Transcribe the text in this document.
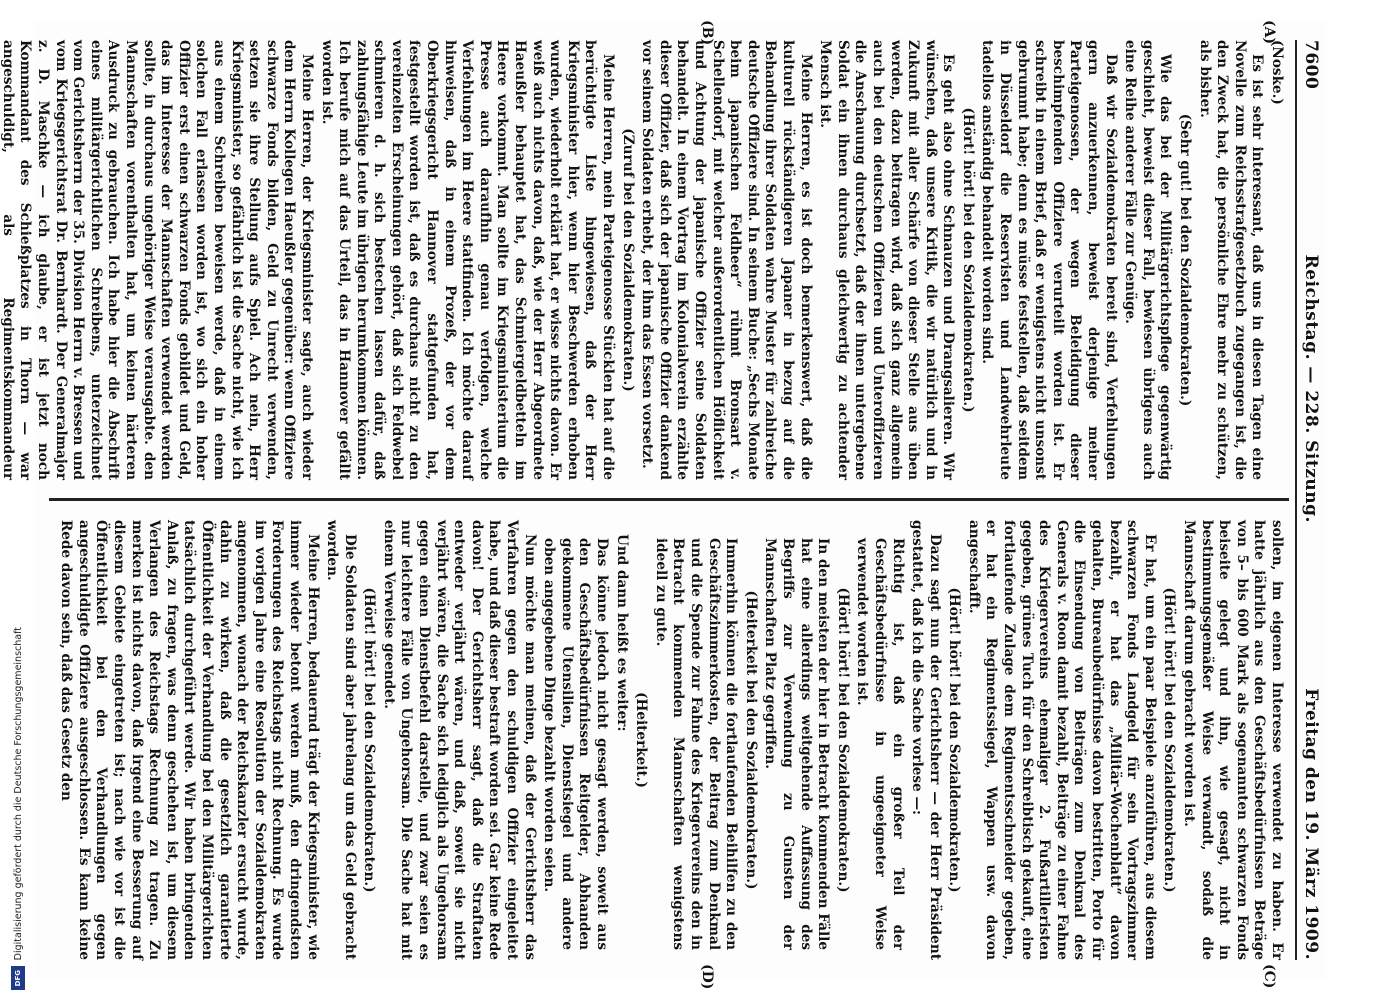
7600
Reichstag. — 228. Sitzung.
Freitag den 19. März 1909.
(A)
(B)
(C)
(D)

(Noske.)

Es ist sehr interessant, daß uns in diesen Tagen eine Novelle zum Reichsstrafgesetzbuch zugegangen ist, die den Zweck hat, die persönliche Ehre mehr zu schützen, als bisher.

(Sehr gut! bei den Sozialdemokraten.)

Wie das bei der Militärgerichtspflege gegenwärtig geschieht, beweist dieser Fall, bewiesen übrigens auch eine Reihe anderer Fälle zur Genüge.

Daß wir Sozialdemokraten bereit sind, Verfehlungen gern anzuerkennen, beweist derjenige meiner Parteigenossen, der wegen Beleidigung dieser beschimpfenden Offiziere verurteilt worden ist. Er schreibt in einem Brief, daß er wenigstens nicht unsonst gebrummt habe; denn es müsse feststellen, daß seitdem in Düsseldorf die Reservisten und Landwehrleute tadellos anständig behandelt worden sind.

(Hört! hört! bei den Sozialdemokraten.)

Es geht also ohne Schnauzen und Drangsalieren. Wir wünschen, daß unsere Kritik, die wir natürlich und in Zukunft mit aller Schärfe von dieser Stelle aus üben werden, dazu beitragen wird, daß sich ganz allgemein auch bei den deutschen Offizieren und Unteroffizieren die Anschauung durchsetzt, daß der ihnen untergebene Soldat ein ihnen durchaus gleichwertig zu achtender Mensch ist.

Meine Herren, es ist doch bemerkenswert, daß die kulturell rückständigeren Japaner in bezug auf die Behandlung ihrer Soldaten wahre Muster für zahlreiche deutsche Offiziere sind. In seinem Buche: „Sechs Monate beim japanischen Feldheer“ rühmt Bronsart v. Schellendorf, mit welcher außerordentlichen Höflichkeit und Achtung der japanische Offizier seine Soldaten behandelt. In einem Vortrag im Kolonialverein erzählte dieser Offizier, daß sich der japanische Offizier dankend vor seinem Soldaten erhebt, der ihm das Essen vorsetzt.

(Zuruf bei den Sozialdemokraten.)

Meine Herren, mein Parteigenosse Stücklen hat auf die berüchtigte Liste hingewiesen, daß der Herr Kriegsminister hier, wenn hier Beschwerden erhoben wurden, wiederholt erklärt hat, er wisse nichts davon. Er weiß auch nichts davon, daß, wie der Herr Abgeordnete Haeußler behauptet hat, das Schmiergeldbetteln im Heere vorkommt. Man sollte im Kriegsministerium die Presse auch daraufhin genau verfolgen, welche Verfehlungen im Heere stattfinden. Ich möchte darauf hinweisen, daß in einem Prozeß, der vor dem Oberkriegsgericht Hannover stattgefunden hat, festgestellt worden ist, daß es durchaus nicht zu den vereinzelten Erscheinungen gehört, daß sich Feldwebel schmieren d. h. sich bestechen lassen dafür, daß zahlungsfähige Leute im übrigen herumkommen können. Ich berufe mich auf das Urteil, das in Hannover gefällt worden ist.

Meine Herren, der Kriegsminister sagte, auch wieder dem Herrn Kollegen Haeußler gegenüber: wenn Offiziere schwarze Fonds bilden, Geld zu Unrecht verwenden, setzen sie ihre Stellung aufs Spiel. Ach nein, Herr Kriegsminister, so gefährlich ist die Sache nicht, wie ich aus einem Schreiben beweisen werde, daß in einem solchen Fall erlassen worden ist, wo sich ein hoher Offizier erst einen schwarzen Fonds gebildet und Geld, das im Interesse der Mannschaften verwendet werden sollte, in durchaus ungehöriger Weise verausgabte. den Mannschaften vorenthalten hat, um keinen härteren Ausdruck zu gebrauchen. Ich habe hier die Abschrift eines militärgerichtlichen Schreibens, unterzeichnet vom Gerichtsherrn der 35. Division Herrn v. Bressen und vom Kriegsgerichtsrat Dr. Bernhardt. Der Generalmajor z. D. Maschke — ich glaube, er ist jetzt noch Kommandant des Schießplatzes in Thorn — war angeschuldigt, als Regimentskommandeur

sollen, im eigenen Interesse verwendet zu haben. Er hatte jährlich aus den Geschäftsbedürfnissen Beträge von 5– bis 600 Mark als sogenannten schwarzen Fonds beiseite gelegt und ihn, wie gesagt, nicht in bestimmungsgemäßer Weise verwandt, sodaß die Mannschaft darum gebracht worden ist.

(Hört! hört! bei den Sozialdemokraten.)

Er hat, um ein paar Beispiele anzuführen, aus diesem schwarzen Fonds Landgeld für sein Vortragszimmer bezahlt, er hat das „Militär-Wochenblatt“ davon gehalten, Bureaubedürfnisse davon bestritten, Porto für die Einsendung von Beiträgen zum Denkmal des Generals v. Roon damit bezahlt, Beiträge zu einer Fahne des Kriegervereins ehemaliger 2. Fußartilleristen gegeben, grünes Tuch für den Schreibtisch gekauft, eine fortlaufende Zulage dem Regimentsschneider gegeben, er hat ein Regimentssiegel, Wappen usw. davon angeschafft.

(Hört! hört! bei den Sozialdemokraten.)

Dazu sagt nun der Gerichtsherr — der Herr Präsident gestattet, daß ich die Sache vorlese —:

Richtig ist, daß ein großer Teil der Geschäftsbedürfnisse in ungeeigneter Weise verwendet worden ist.

(Hört! hört! bei den Sozialdemokraten.)

In den meisten der hier in Betracht kommenden Fälle hat eine allerdings weitgehende Auffassung des Begriffs zur Verwendung zu Gunsten der Mannschaften Platz gegriffen.

(Heiterkeit bei den Sozialdemokraten.)

Immerhin können die fortlaufenden Beihilfen zu den Geschäftszimmerkosten, der Beitrag zum Denkmal und die Spende zur Fahne des Kriegervereins den in Betracht kommenden Mannschaften wenigstens ideell zu gute.

(Heiterkeit.)

Und dann heißt es weiter:

Das könne jedoch nicht gesagt werden, soweit aus den Geschäftsbedürfnissen Reitgelder, Abhanden gekommene Utensilien, Dienstsiegel und andere oben angegebene Dinge bezahlt worden seien.

Nun möchte man meinen, daß der Gerichtsherr das Verfahren gegen den schuldigen Offizier eingeleitet habe, und daß dieser bestraft worden sei. Gar keine Rede davon! Der Gerichtsherr sagt, daß die Straftaten entweder verjährt wären, und daß, soweit sie nicht verjährt wären, die Sache sich lediglich als Ungehorsam gegen einen Dienstbefehl darstelle, und zwar seien es nur leichtere Fälle von Ungehorsam. Die Sache hat mit einem Verweise geendet.

(Hört! hört! bei den Sozialdemokraten.)

Die Soldaten sind aber jahrelang um das Geld gebracht worden.

Meine Herren, bedauernd trägt der Kriegsminister, wie immer wieder betont werden muß, den dringendsten Forderungen des Reichstags nicht Rechnung. Es wurde im vorigen Jahre eine Resolution der Sozialdemokraten angenommen, wonach der Reichskanzler ersucht wurde, dahin zu wirken, daß die gesetzlich garantierte Öffentlichkeit der Verhandlung bei den Militärgerichten tatsächlich durchgeführt werde. Wir haben bringenden Anlaß, zu fragen, was denn geschehen ist, um diesem Verlangen des Reichstags Rechnung zu tragen. Zu merken ist nichts davon, daß irgend eine Besserung auf diesem Gebiete eingetreten ist; nach wie vor ist die Öffentlichkeit bei den Verhandlungen gegen angeschuldigte Offiziere ausgeschlossen. Es kann keine Rede davon sein, daß das Gesetz den

Digitalisierung gefördert durch die Deutsche Forschungsgemeinschaft
DFG
